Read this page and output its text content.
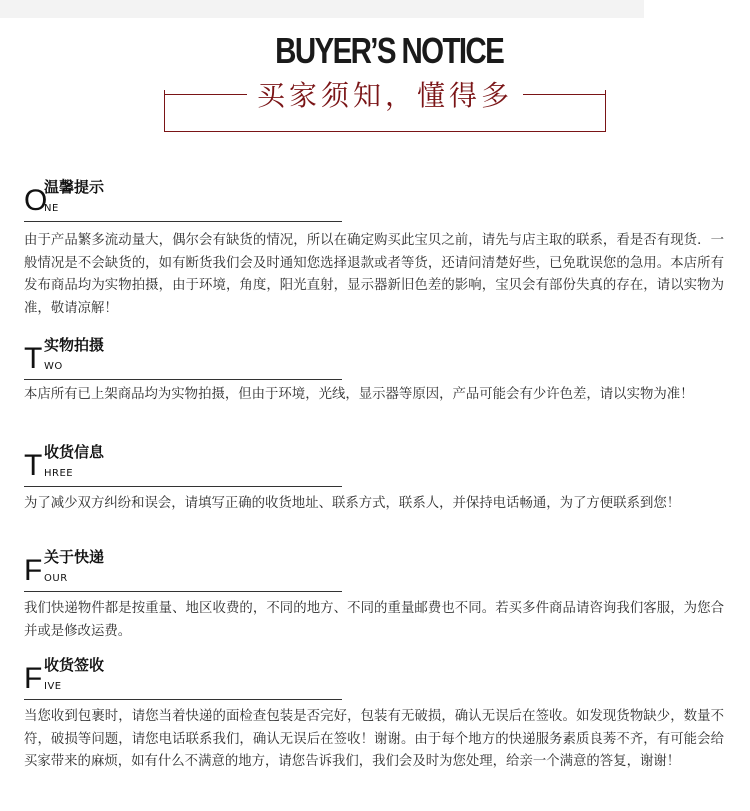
BUYER’S NOTICE
买家须知，懂得多
O
温馨提示
NE
由于产品繁多流动量大，偶尔会有缺货的情况，所以在确定购买此宝贝之前，请先与店主取的联系，看是否有现货．一般情况是不会缺货的，如有断货我们会及时通知您选择退款或者等货，还请问清楚好些，已免耽误您的急用。本店所有发布商品均为实物拍摄，由于环境，角度，阳光直射，显示器新旧色差的影响，宝贝会有部份失真的存在，请以实物为准，敬请凉解！
T 实物拍摄
WO
本店所有已上架商品均为实物拍摄，但由于环境，光线，显示器等原因，产品可能会有少许色差，请以实物为准！
T 收货信息
HREE
为了减少双方纠纷和误会，请填写正确的收货地址、联系方式，联系人，并保持电话畅通，为了方便联系到您！
F 关于快递
OUR
我们快递物件都是按重量、地区收费的，不同的地方、不同的重量邮费也不同。若买多件商品请咨询我们客服，为您合并或是修改运费。
F 收货签收
IVE
当您收到包裹时，请您当着快递的面检查包装是否完好，包装有无破损，确认无误后在签收。如发现货物缺少，数量不符，破损等问题，请您电话联系我们，确认无误后在签收！谢谢。由于每个地方的快递服务素质良莠不齐，有可能会给买家带来的麻烦，如有什么不满意的地方，请您告诉我们，我们会及时为您处理，给亲一个满意的答复，谢谢！
